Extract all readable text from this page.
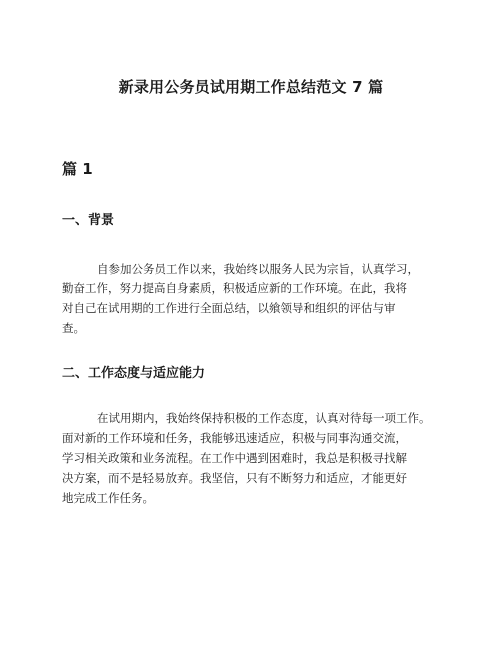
新录用公务员试用期工作总结范文 7 篇
篇 1
一、背景
自参加公务员工作以来，我始终以服务人民为宗旨，认真学习，
勤奋工作，努力提高自身素质，积极适应新的工作环境。在此，我将
对自己在试用期的工作进行全面总结，以飨领导和组织的评估与审
查。
二、工作态度与适应能力
在试用期内，我始终保持积极的工作态度，认真对待每一项工作。
面对新的工作环境和任务，我能够迅速适应，积极与同事沟通交流，
学习相关政策和业务流程。在工作中遇到困难时，我总是积极寻找解
决方案，而不是轻易放弃。我坚信，只有不断努力和适应，才能更好
地完成工作任务。
